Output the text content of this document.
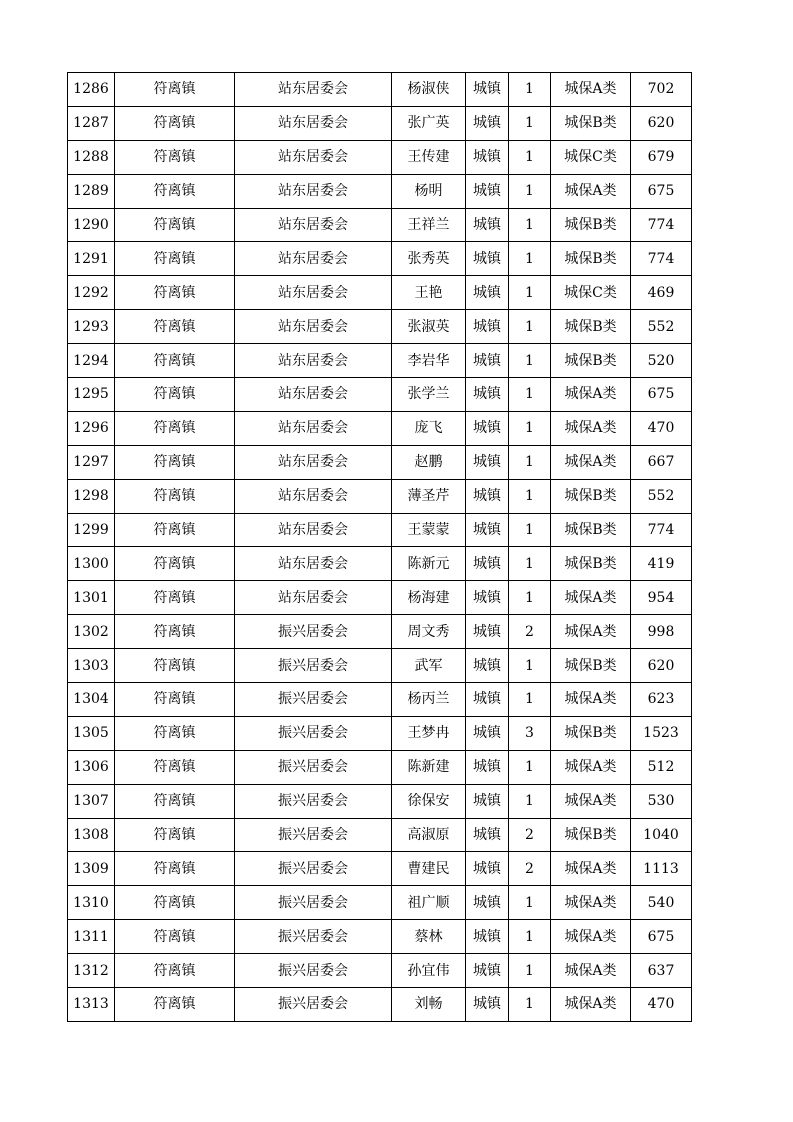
1286	符离镇	站东居委会	杨淑侠	城镇	1	城保A类	702
1287	符离镇	站东居委会	张广英	城镇	1	城保B类	620
1288	符离镇	站东居委会	王传建	城镇	1	城保C类	679
1289	符离镇	站东居委会	杨明	城镇	1	城保A类	675
1290	符离镇	站东居委会	王祥兰	城镇	1	城保B类	774
1291	符离镇	站东居委会	张秀英	城镇	1	城保B类	774
1292	符离镇	站东居委会	王艳	城镇	1	城保C类	469
1293	符离镇	站东居委会	张淑英	城镇	1	城保B类	552
1294	符离镇	站东居委会	李岩华	城镇	1	城保B类	520
1295	符离镇	站东居委会	张学兰	城镇	1	城保A类	675
1296	符离镇	站东居委会	庞飞	城镇	1	城保A类	470
1297	符离镇	站东居委会	赵鹏	城镇	1	城保A类	667
1298	符离镇	站东居委会	薄圣芹	城镇	1	城保B类	552
1299	符离镇	站东居委会	王蒙蒙	城镇	1	城保B类	774
1300	符离镇	站东居委会	陈新元	城镇	1	城保B类	419
1301	符离镇	站东居委会	杨海建	城镇	1	城保A类	954
1302	符离镇	振兴居委会	周文秀	城镇	2	城保A类	998
1303	符离镇	振兴居委会	武军	城镇	1	城保B类	620
1304	符离镇	振兴居委会	杨丙兰	城镇	1	城保A类	623
1305	符离镇	振兴居委会	王梦冉	城镇	3	城保B类	1523
1306	符离镇	振兴居委会	陈新建	城镇	1	城保A类	512
1307	符离镇	振兴居委会	徐保安	城镇	1	城保A类	530
1308	符离镇	振兴居委会	高淑原	城镇	2	城保B类	1040
1309	符离镇	振兴居委会	曹建民	城镇	2	城保A类	1113
1310	符离镇	振兴居委会	祖广顺	城镇	1	城保A类	540
1311	符离镇	振兴居委会	蔡林	城镇	1	城保A类	675
1312	符离镇	振兴居委会	孙宜伟	城镇	1	城保A类	637
1313	符离镇	振兴居委会	刘畅	城镇	1	城保A类	470
